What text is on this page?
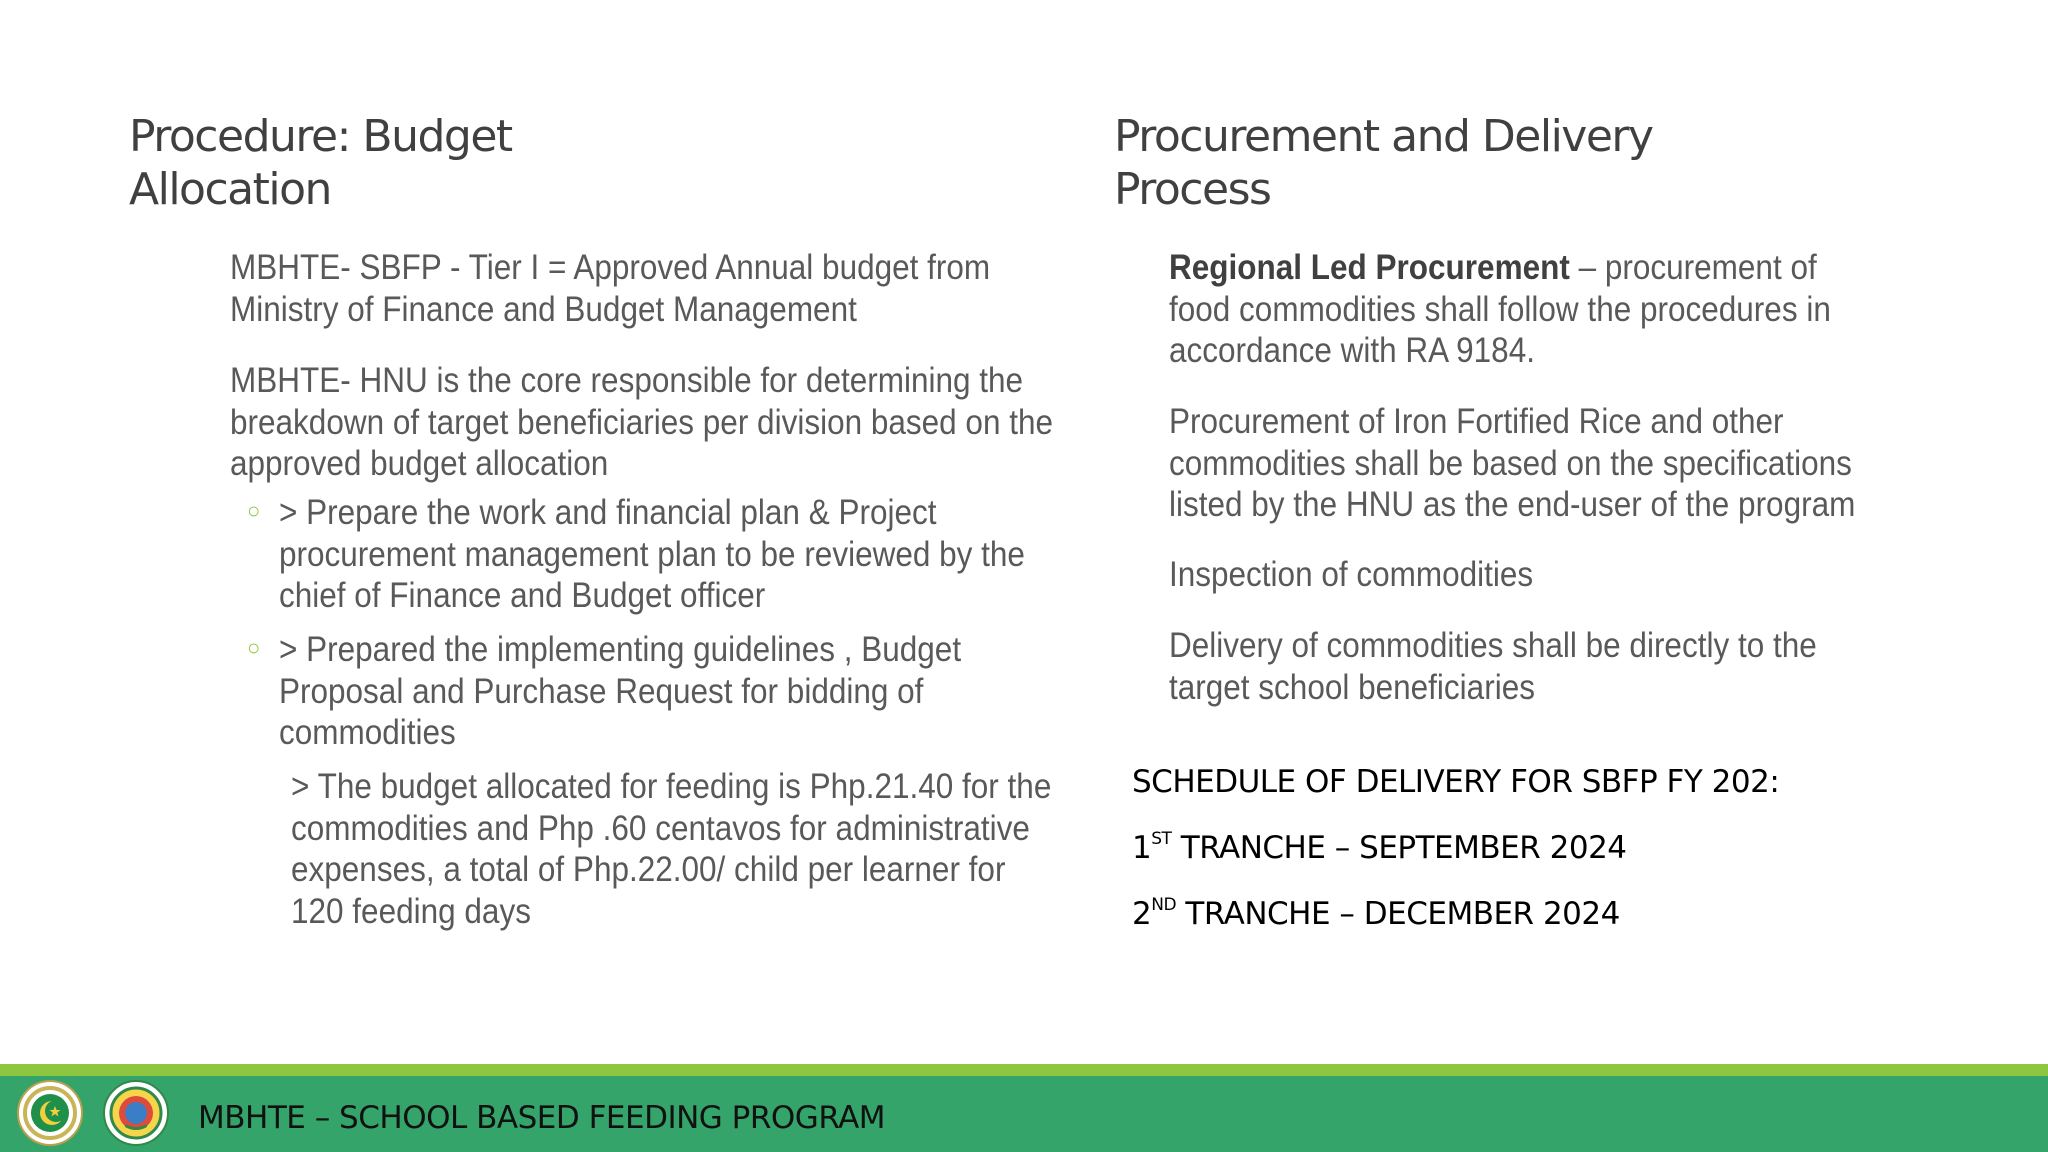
Procedure: Budget
Allocation
Procurement and Delivery
Process
MBHTE- SBFP - Tier I = Approved Annual budget from
Ministry of Finance and Budget Management
MBHTE- HNU is the core responsible for determining the
breakdown of target beneficiaries per division based on the
approved budget allocation
○ > Prepare the work and financial plan & Project
procurement management plan to be reviewed by the
chief of Finance and Budget officer
○ > Prepared the implementing guidelines , Budget
Proposal and Purchase Request for bidding of
commodities
> The budget allocated for feeding is Php.21.40 for the
commodities and Php .60 centavos for administrative
expenses, a total of Php.22.00/ child per learner for
120 feeding days
Regional Led Procurement – procurement of
food commodities shall follow the procedures in
accordance with RA 9184.
Procurement of Iron Fortified Rice and other
commodities shall be based on the specifications
listed by the HNU as the end-user of the program
Inspection of commodities
Delivery of commodities shall be directly to the
target school beneficiaries
SCHEDULE OF DELIVERY FOR SBFP FY 202:
1ST TRANCHE – SEPTEMBER 2024
2ND TRANCHE – DECEMBER 2024
MBHTE – SCHOOL BASED FEEDING PROGRAM
